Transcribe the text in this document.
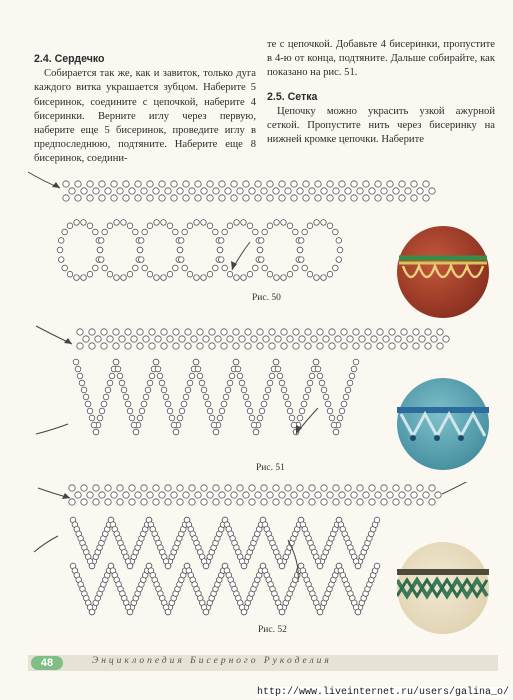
2.4. Сердечко

Собирается так же, как и завиток, только дуга каждого витка украшается зубцом. Наберите 5 бисеринок, соедините с цепочкой, наберите 4 бисеринки. Верните иглу через первую, наберите еще 5 бисеринок, проведите иглу в предпоследнюю, подтяните. Наберите еще 8 бисеринок, соедини-

те с цепочкой. Добавьте 4 бисеринки, пропустите в 4-ю от конца, подтяните. Дальше собирайте, как показано на рис. 51.

2.5. Сетка

Цепочку можно украсить узкой ажурной сеткой. Пропустите нить через бисеринку на нижней кромке цепочки. Наберите

Рис. 50
Рис. 51
Рис. 52
48	Энциклопедия Бисерного Рукоделия
http://www.liveinternet.ru/users/galina_o/
